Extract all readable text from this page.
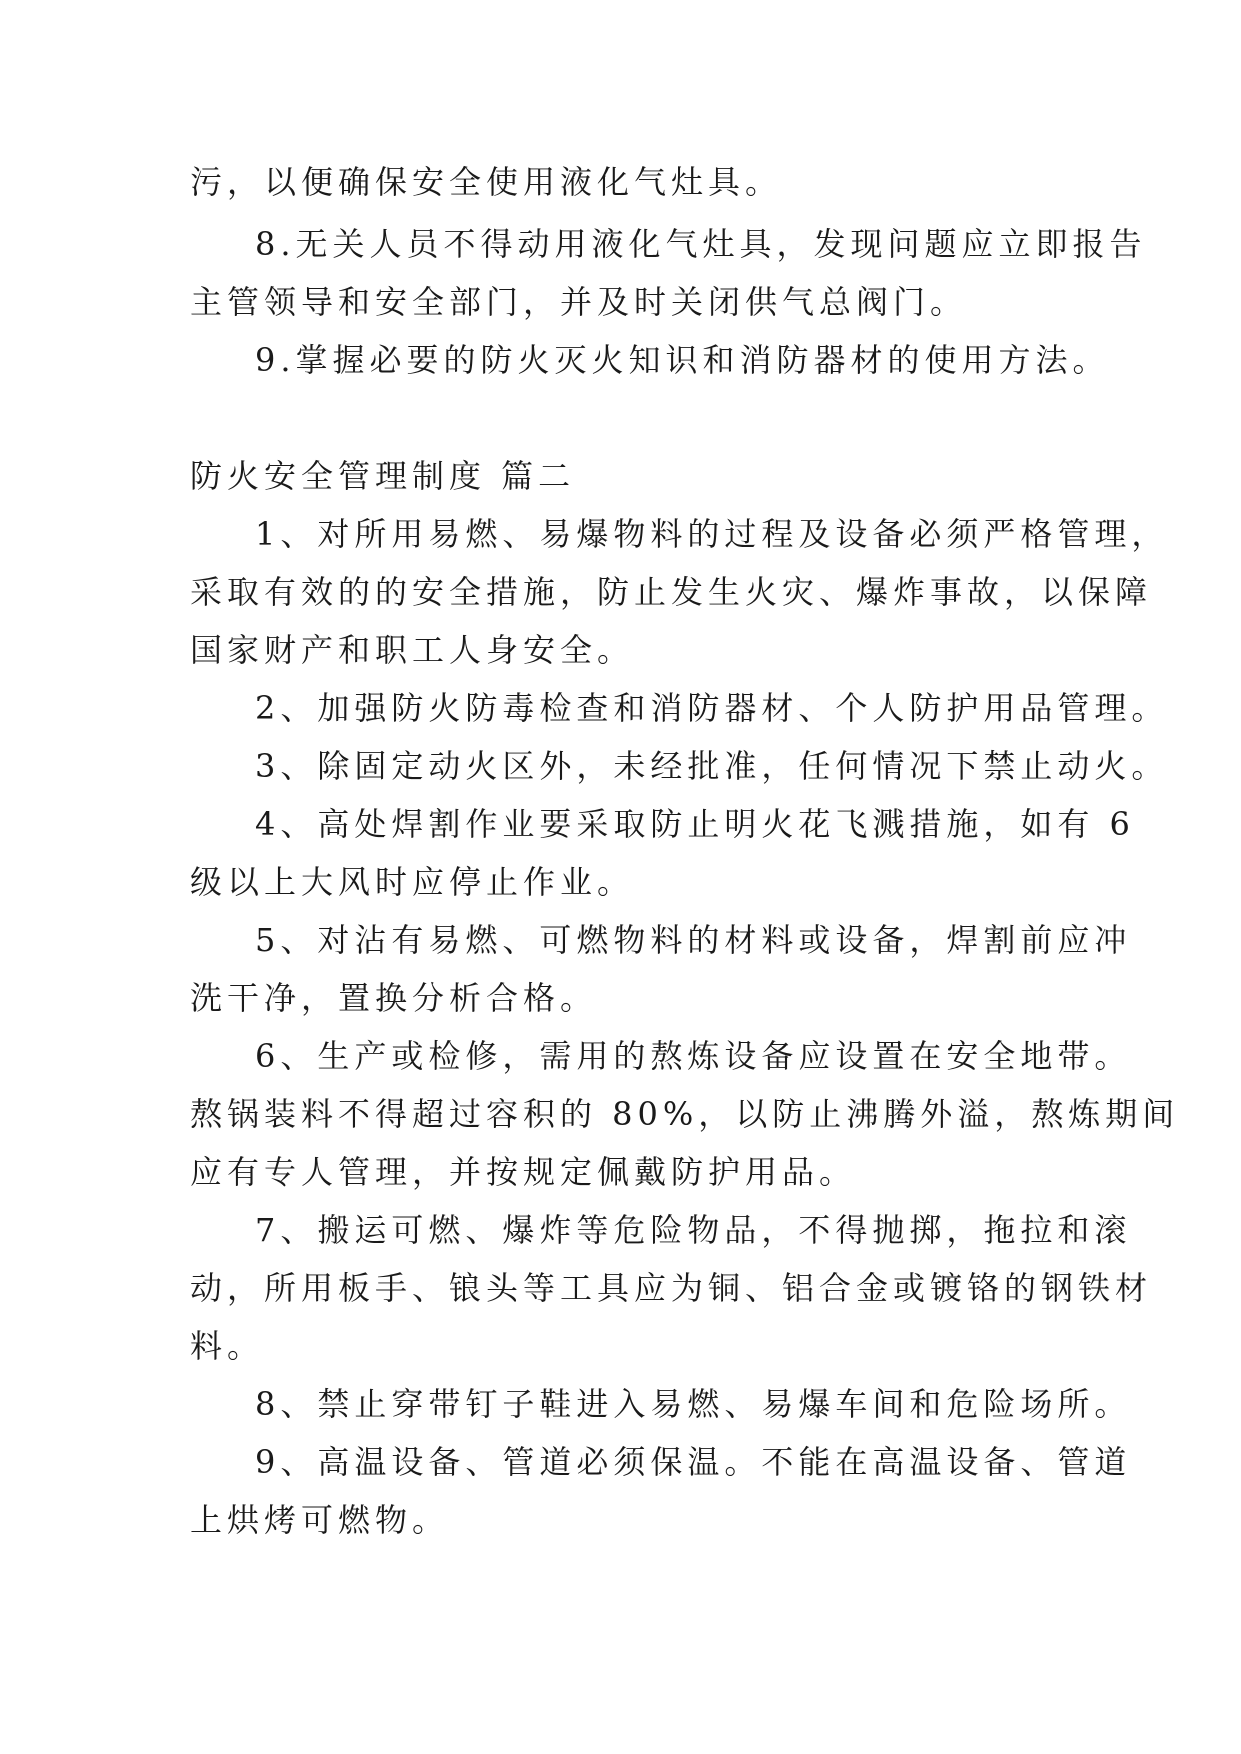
污，以便确保安全使用液化气灶具。
8.无关人员不得动用液化气灶具，发现问题应立即报告
主管领导和安全部门，并及时关闭供气总阀门。
9.掌握必要的防火灭火知识和消防器材的使用方法。
防火安全管理制度 篇二
1、对所用易燃、易爆物料的过程及设备必须严格管理，
采取有效的的安全措施，防止发生火灾、爆炸事故，以保障
国家财产和职工人身安全。
2、加强防火防毒检查和消防器材、个人防护用品管理。
3、除固定动火区外，未经批准，任何情况下禁止动火。
4、高处焊割作业要采取防止明火花飞溅措施，如有 6
级以上大风时应停止作业。
5、对沾有易燃、可燃物料的材料或设备，焊割前应冲
洗干净，置换分析合格。
6、生产或检修，需用的熬炼设备应设置在安全地带。
熬锅装料不得超过容积的 80%，以防止沸腾外溢，熬炼期间
应有专人管理，并按规定佩戴防护用品。
7、搬运可燃、爆炸等危险物品，不得抛掷，拖拉和滚
动，所用板手、锒头等工具应为铜、铝合金或镀铬的钢铁材
料。
8、禁止穿带钉子鞋进入易燃、易爆车间和危险场所。
9、高温设备、管道必须保温。不能在高温设备、管道
上烘烤可燃物。
